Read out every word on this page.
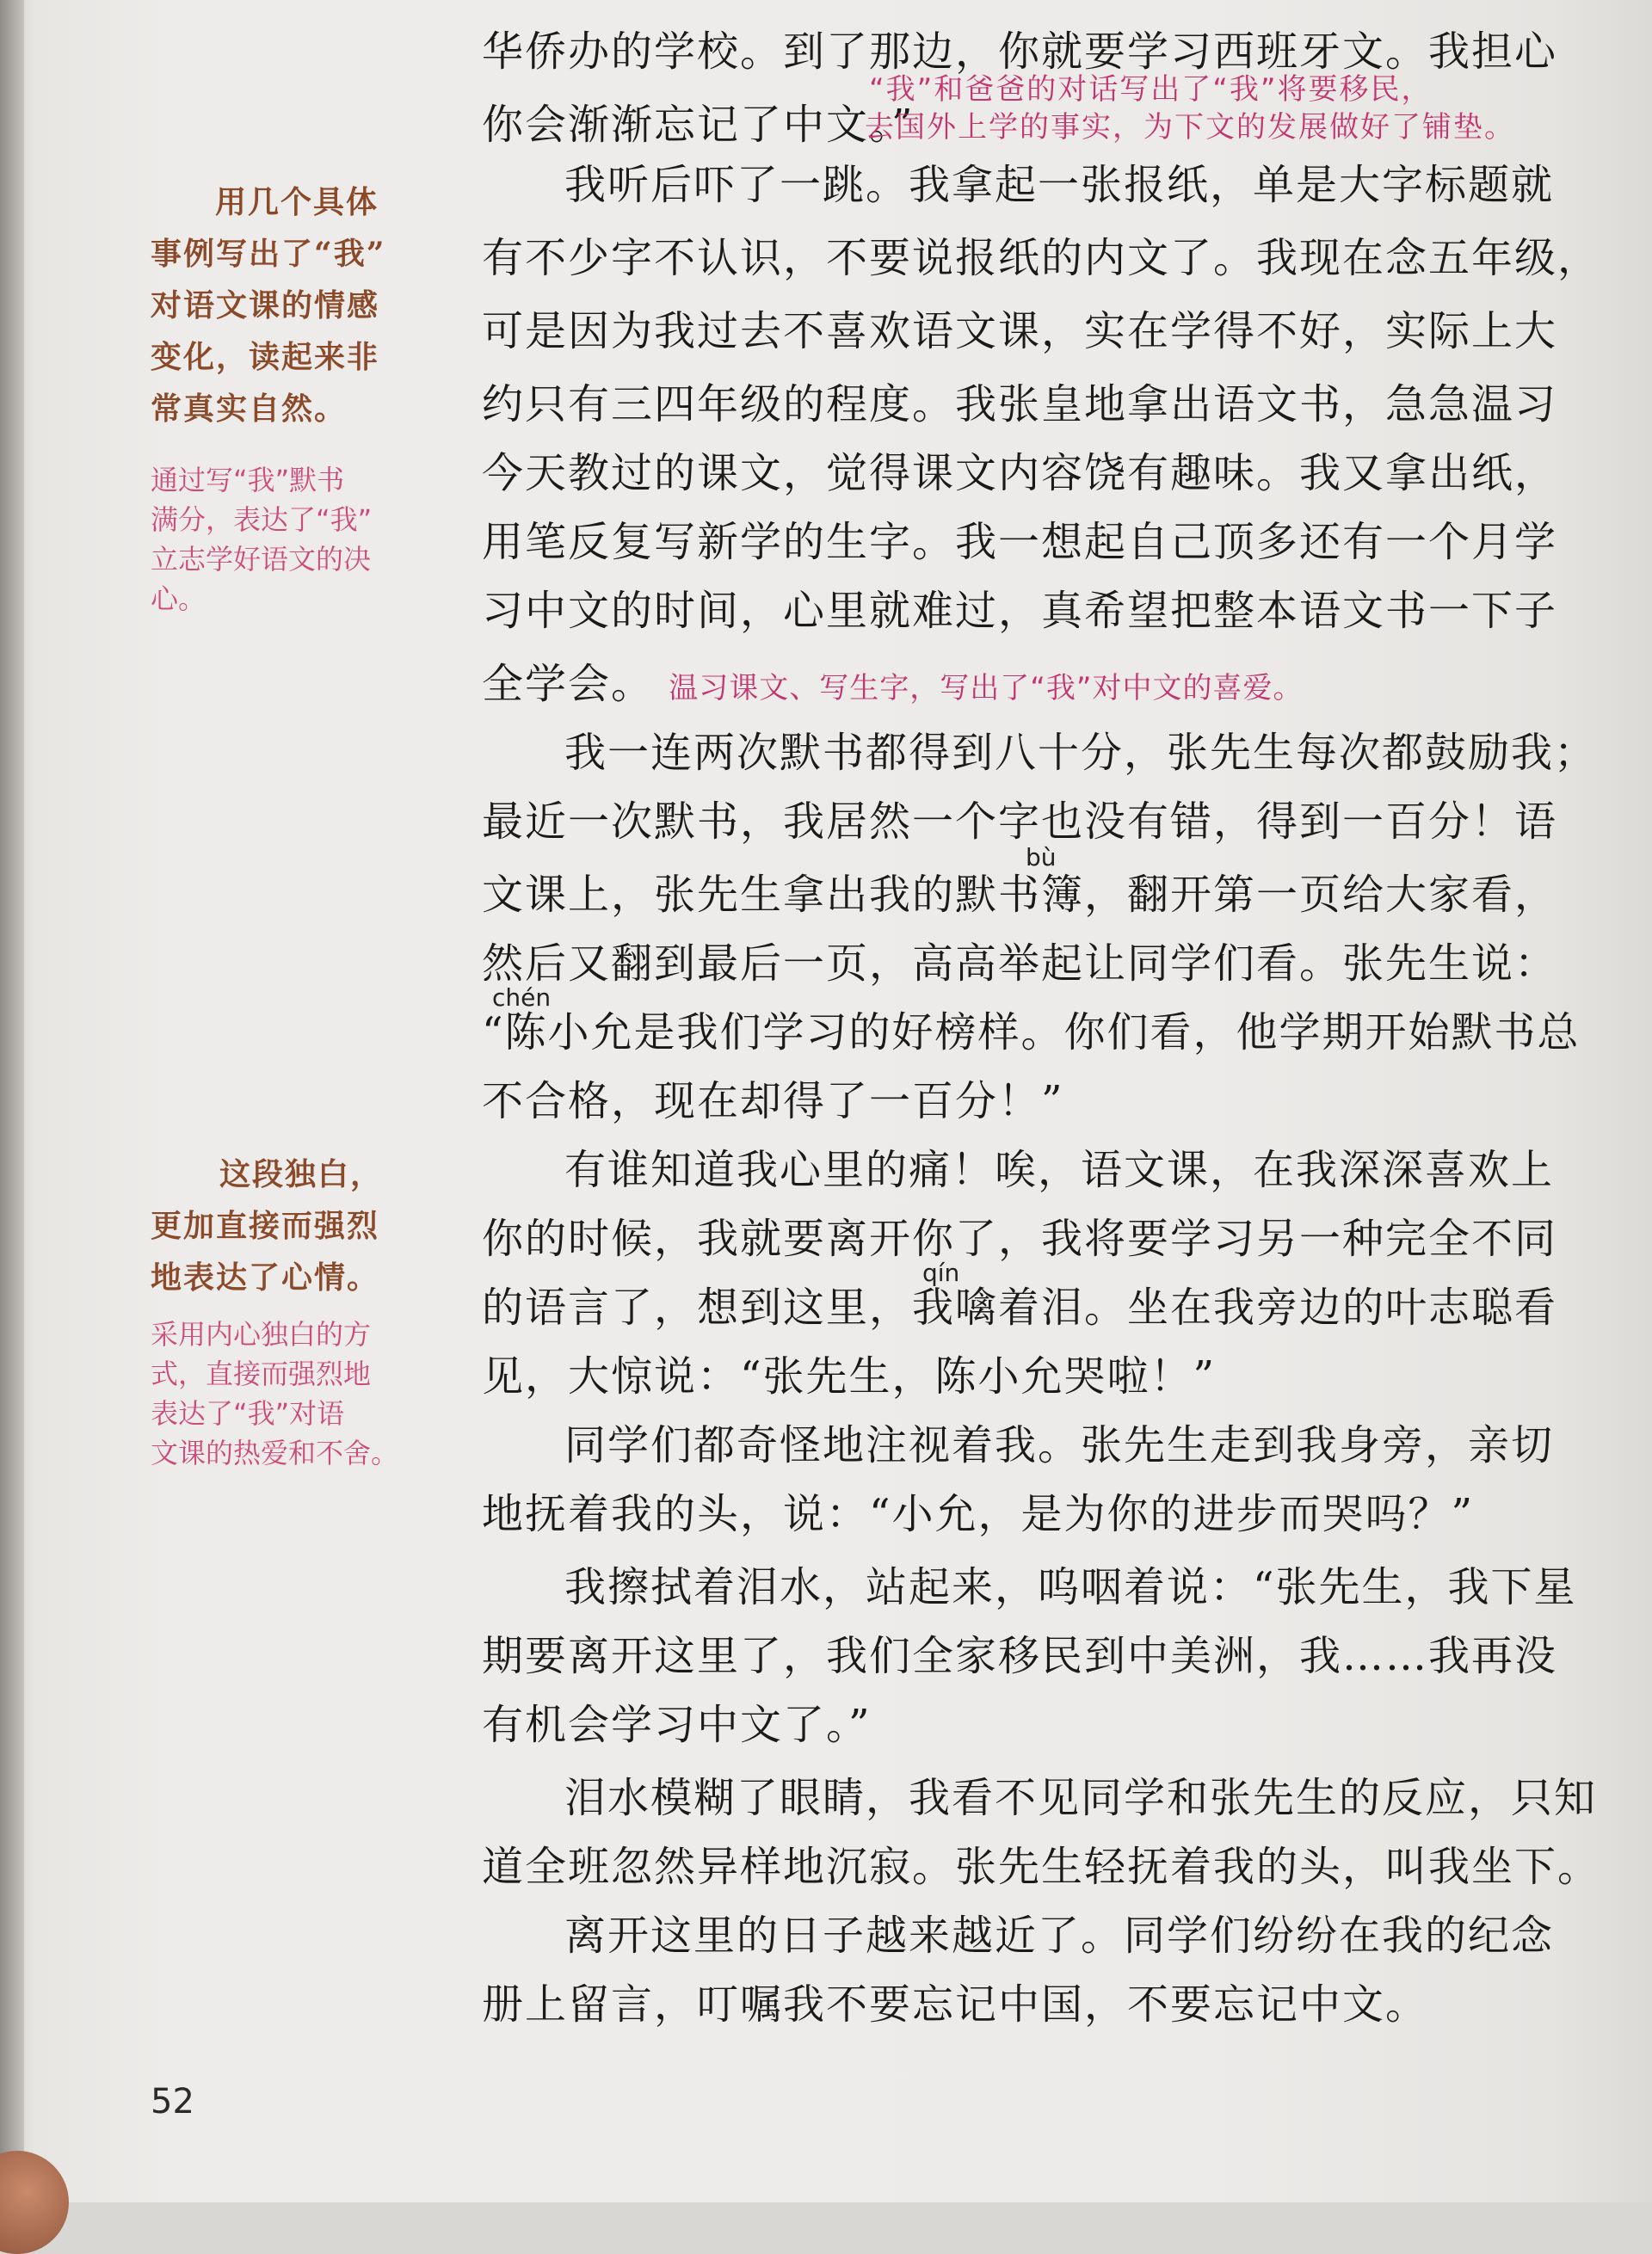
华侨办的学校。到了那边，你就要学习西班牙文。我担心
你会渐渐忘记了中文。”
“我”和爸爸的对话写出了“我”将要移民，
去国外上学的事实，为下文的发展做好了铺垫。
我听后吓了一跳。我拿起一张报纸，单是大字标题就
有不少字不认识，不要说报纸的内文了。我现在念五年级，
可是因为我过去不喜欢语文课，实在学得不好，实际上大
约只有三四年级的程度。我张皇地拿出语文书，急急温习
今天教过的课文，觉得课文内容饶有趣味。我又拿出纸，
用笔反复写新学的生字。我一想起自己顶多还有一个月学
习中文的时间，心里就难过，真希望把整本语文书一下子
全学会。 温习课文、写生字，写出了“我”对中文的喜爱。
我一连两次默书都得到八十分，张先生每次都鼓励我；
最近一次默书，我居然一个字也没有错，得到一百分！语
bù
文课上，张先生拿出我的默书簿，翻开第一页给大家看，
然后又翻到最后一页，高高举起让同学们看。张先生说：
chén
“陈小允是我们学习的好榜样。你们看，他学期开始默书总
不合格，现在却得了一百分！”
有谁知道我心里的痛！唉，语文课，在我深深喜欢上
你的时候，我就要离开你了，我将要学习另一种完全不同
qín
的语言了，想到这里，我噙着泪。坐在我旁边的叶志聪看
见，大惊说：“张先生，陈小允哭啦！”
同学们都奇怪地注视着我。张先生走到我身旁，亲切
地抚着我的头，说：“小允，是为你的进步而哭吗？”
我擦拭着泪水，站起来，呜咽着说：“张先生，我下星
期要离开这里了，我们全家移民到中美洲，我……我再没
有机会学习中文了。”
泪水模糊了眼睛，我看不见同学和张先生的反应，只知
道全班忽然异样地沉寂。张先生轻抚着我的头，叫我坐下。
离开这里的日子越来越近了。同学们纷纷在我的纪念
册上留言，叮嘱我不要忘记中国，不要忘记中文。
用几个具体
事例写出了“我”
对语文课的情感
变化，读起来非
常真实自然。
通过写“我”默书
满分，表达了“我”
立志学好语文的决
心。
这段独白，
更加直接而强烈
地表达了心情。
采用内心独白的方
式，直接而强烈地
表达了“我”对语
文课的热爱和不舍。
52
